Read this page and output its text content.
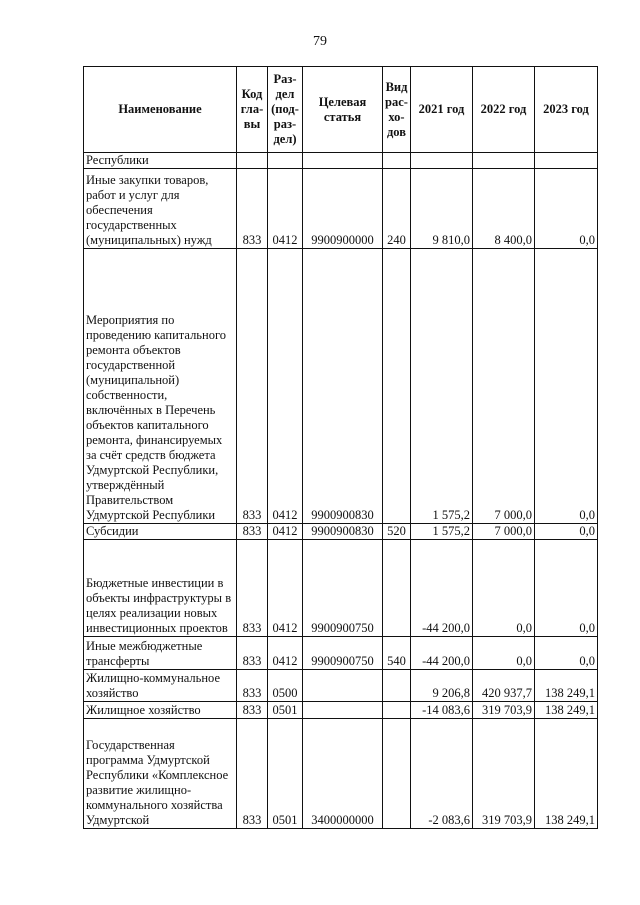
79
Наименование	Код гла-вы	Раз-дел (под-раз-дел)	Целевая статья	Вид рас-хо-дов	2021 год	2022 год	2023 год
Республики							
Иные закупки товаров, работ и услуг для обеспечения государственных (муниципальных) нужд	833	0412	9900900000	240	9 810,0	8 400,0	0,0
Мероприятия по проведению капитального ремонта объектов государственной (муниципальной) собственности, включённых в Перечень объектов капитального ремонта, финансируемых за счёт средств бюджета Удмуртской Республики, утверждённый Правительством Удмуртской Республики	833	0412	9900900830		1 575,2	7 000,0	0,0
Субсидии	833	0412	9900900830	520	1 575,2	7 000,0	0,0
Бюджетные инвестиции в объекты инфраструктуры в целях реализации новых инвестиционных проектов	833	0412	9900900750		-44 200,0	0,0	0,0
Иные межбюджетные трансферты	833	0412	9900900750	540	-44 200,0	0,0	0,0
Жилищно-коммунальное хозяйство	833	0500			9 206,8	420 937,7	138 249,1
Жилищное хозяйство	833	0501			-14 083,6	319 703,9	138 249,1
Государственная программа Удмуртской Республики «Комплексное развитие жилищно-коммунального хозяйства Удмуртской	833	0501	3400000000		-2 083,6	319 703,9	138 249,1
